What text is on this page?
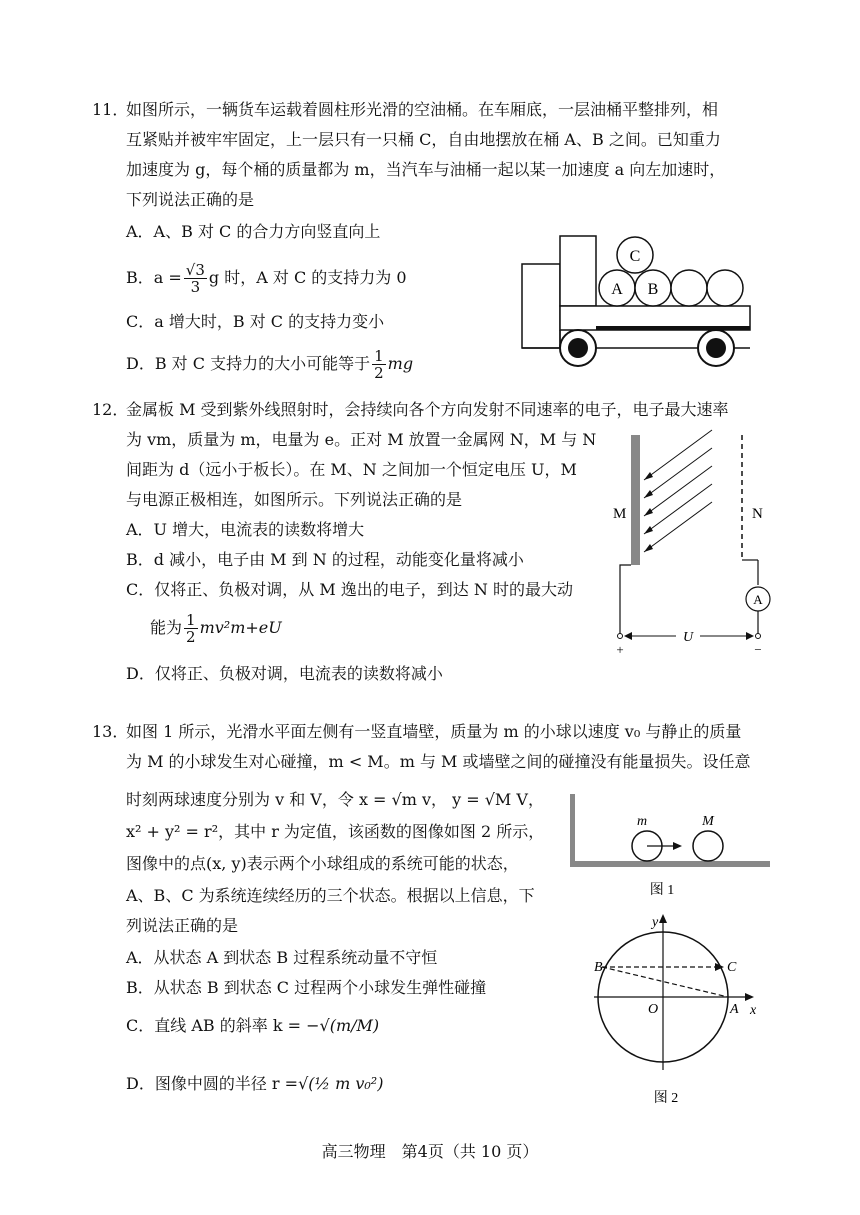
11．
如图所示，一辆货车运载着圆柱形光滑的空油桶。在车厢底，一层油桶平整排列，相
互紧贴并被牢牢固定，上一层只有一只桶 C，自由地摆放在桶 A、B 之间。已知重力
加速度为 g，每个桶的质量都为 m，当汽车与油桶一起以某一加速度 a 向左加速时，
下列说法正确的是
A．A、B 对 C 的合力方向竖直向上
B．$a = \frac{√3}{3}$ g 时，A 对 C 的支持力为 0
C．a 增大时，B 对 C 的支持力变小
D．B 对 C 支持力的大小可能等于 $\frac{1}{2}$ mg
A B
C
12．
金属板 M 受到紫外线照射时，会持续向各个方向发射不同速率的电子，电子最大速率
为 vm，质量为 m，电量为 e。正对 M 放置一金属网 N，M 与 N
间距为 d（远小于板长）。在 M、N 之间加一个恒定电压 U，M
与电源正极相连，如图所示。下列说法正确的是
A．U 增大，电流表的读数将增大
B．d 减小，电子由 M 到 N 的过程，动能变化量将减小
C．仅将正、负极对调，从 M 逸出的电子，到达 N 时的最大动
能为 $\frac{1}{2} mv^2m+eU$
D．仅将正、负极对调，电流表的读数将减小
M	N
A
U
+	−
13．
如图 1 所示，光滑水平面左侧有一竖直墙壁，质量为 m 的小球以速度 v₀ 与静止的质量
为 M 的小球发生对心碰撞，m < M。m 与 M 或墙壁之间的碰撞没有能量损失。设任意
时刻两球速度分别为 v 和 V，令 x = √m v， y = √M V，
x² + y² = r²，其中 r 为定值，该函数的图像如图 2 所示，
图像中的点(x, y)表示两个小球组成的系统可能的状态，
A、B、C 为系统连续经历的三个状态。根据以上信息，下
列说法正确的是
A．从状态 A 到状态 B 过程系统动量不守恒
B．从状态 B 到状态 C 过程两个小球发生弹性碰撞
C．直线 AB 的斜率 k = −√(m/M)
D．图像中圆的半径 r =√(½ m v₀²)
m	M
图 1
y
x
O	A
B	C
图 2
高三物理　第4页（共 10 页）
